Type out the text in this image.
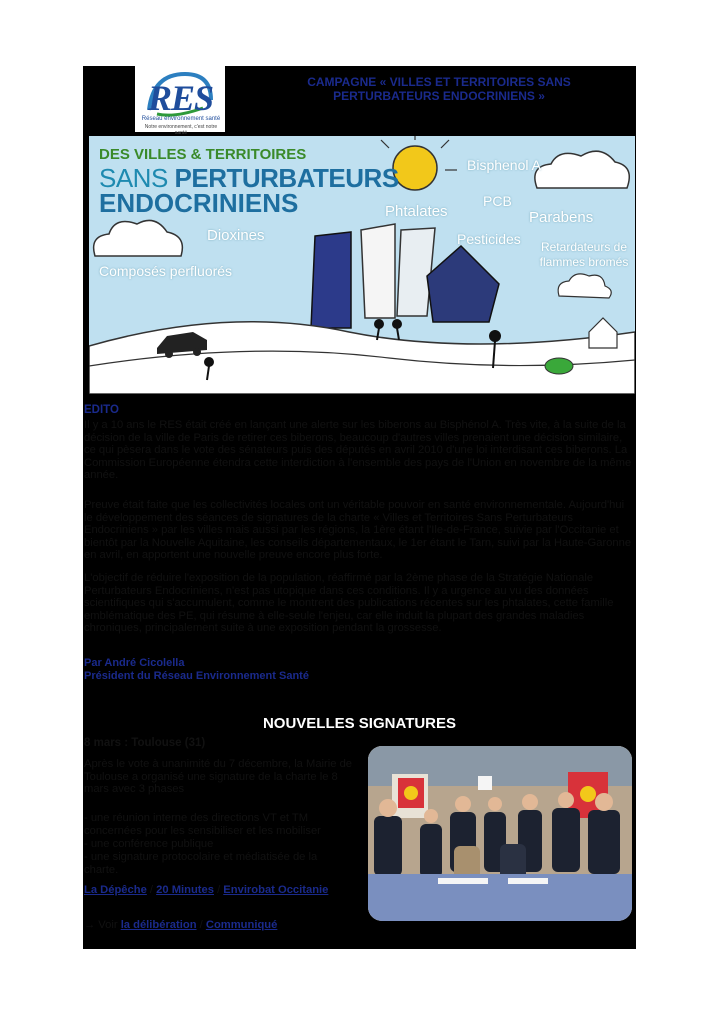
RES
Réseau environnement santé
Notre environnement, c'est notre santé
CAMPAGNE « VILLES ET TERRITOIRES SANS
PERTURBATEURS ENDOCRINIENS »
DES VILLES & TERRITOIRES
SANS PERTURBATEURS
ENDOCRINIENS
Bisphenol A
PCB
Phtalates	Parabens
Dioxines	Pesticides Retardateurs de flammes bromés
Composés perfluorés
EDITO
Il y a 10 ans le RES était créé en lançant une alerte sur les biberons au Bisphénol A. Très vite, à la suite de la décision de la ville de Paris de retirer ces biberons, beaucoup d'autres villes prenaient une décision similaire, ce qui pèsera dans le vote des sénateurs puis des députés en avril 2010 d'une loi interdisant ces biberons. La Commission Européenne étendra cette interdiction à l'ensemble des pays de l'Union en novembre de la même année.
Preuve était faite que les collectivités locales ont un véritable pouvoir en santé environnementale. Aujourd'hui le développement des séances de signatures de la charte « Villes et Territoires Sans Perturbateurs Endocriniens » par les villes mais aussi par les régions, la 1ère étant l'Ile-de-France, suivie par l'Occitanie et bientôt par la Nouvelle Aquitaine, les conseils départementaux, le 1er étant le Tarn, suivi par la Haute-Garonne en avril, en apportent une nouvelle preuve encore plus forte.
L'objectif de réduire l'exposition de la population, réaffirmé par la 2ème phase de la Stratégie Nationale Perturbateurs Endocriniens, n'est pas utopique dans ces conditions. Il y a urgence au vu des données scientifiques qui s'accumulent, comme le montrent des publications récentes sur les phtalates, cette famille emblématique des PE, qui résume à elle-seule l'enjeu, car elle induit la plupart des grandes maladies chroniques, principalement suite à une exposition pendant la grossesse.
Par André Cicolella
Président du Réseau Environnement Santé
NOUVELLES SIGNATURES
8 mars : Toulouse (31)
Après le vote à unanimité du 7 décembre, la Mairie de Toulouse a organisé une signature de la charte le 8 mars avec 3 phases
- une réunion interne des directions VT et TM concernées pour les sensibiliser et les mobiliser
- une conférence publique
- une signature protocolaire et médiatisée de la charte.
La Dépêche / 20 Minutes / Envirobat Occitanie
→ Voir la délibération / Communiqué
